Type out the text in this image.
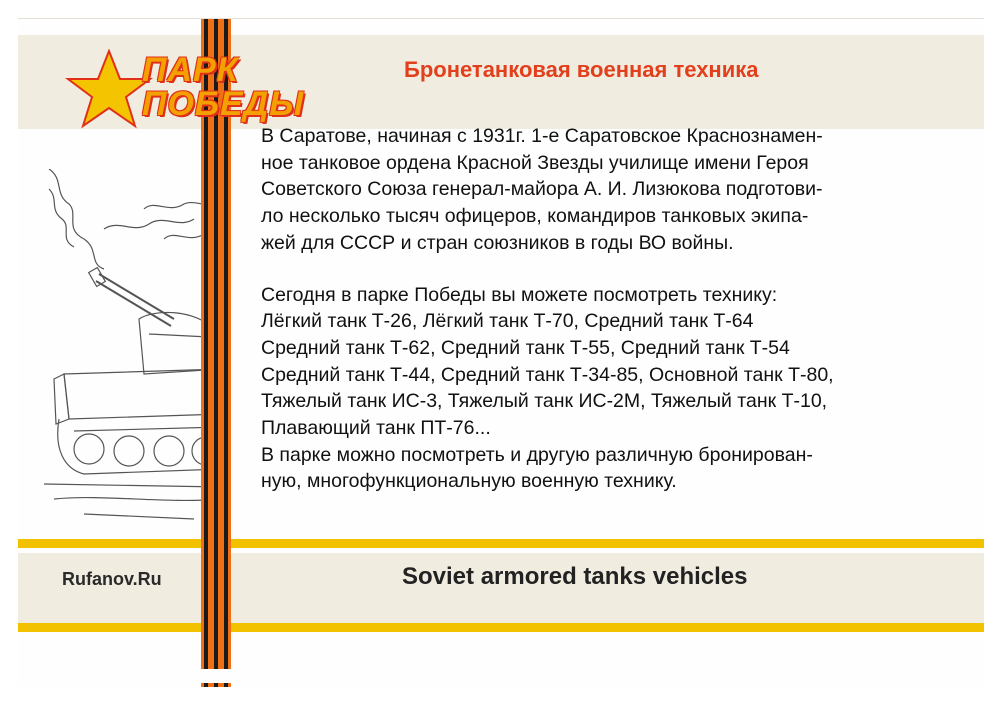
ПАРК
ПОБЕДЫ
Бронетанковая военная техника

В Саратове, начиная с 1931г. 1-е Саратовское Краснознамен-
ное танковое ордена Красной Звезды училище имени Героя
Советского Союза генерал-майора А. И. Лизюкова подготови-
ло несколько тысяч офицеров, командиров танковых экипа-
жей для СССР и стран союзников в годы ВО войны.

Сегодня в парке Победы вы можете посмотреть технику:
Лёгкий танк Т-26, Лёгкий танк Т-70, Средний танк Т-64
Средний танк Т-62, Средний танк Т-55, Средний танк Т-54
Средний танк Т-44, Средний танк Т-34-85, Основной танк Т-80,
Тяжелый танк ИС-3, Тяжелый танк ИС-2М, Тяжелый танк Т-10,
Плавающий танк ПТ-76...
В парке можно посмотреть и другую различную бронирован-
ную, многофункциональную военную технику.

Rufanov.Ru	Soviet armored tanks vehicles
